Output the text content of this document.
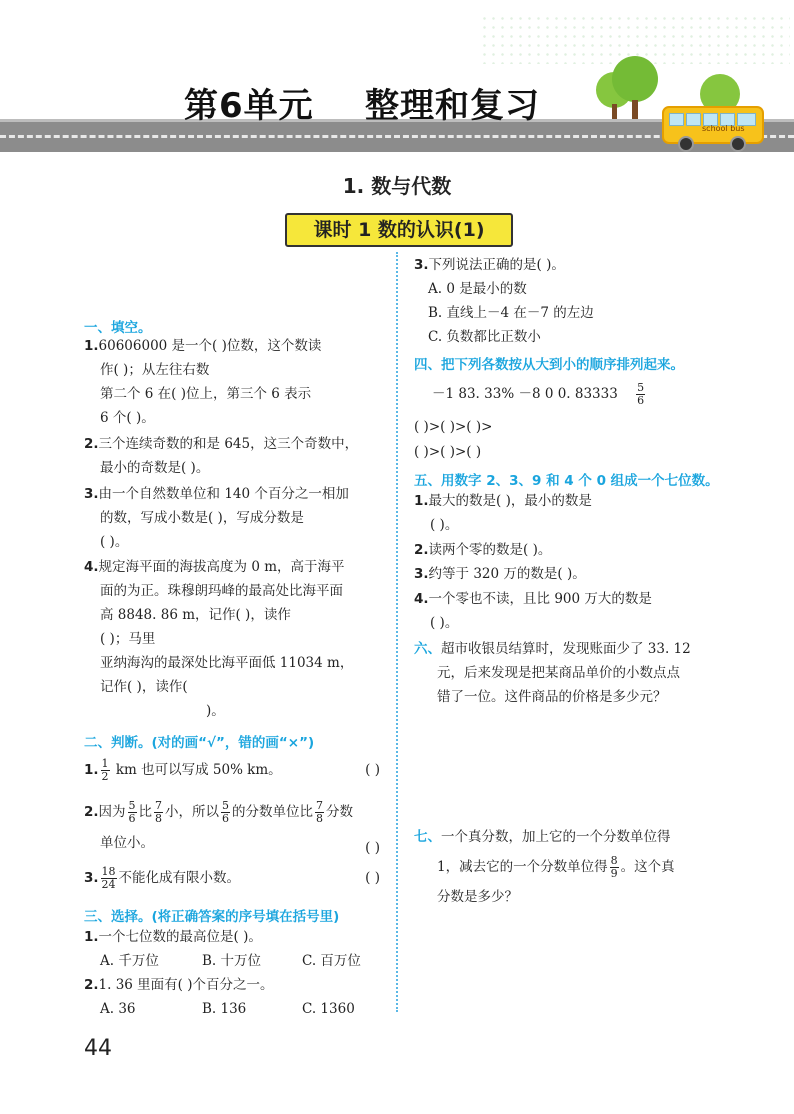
school bus
第6单元    整理和复习
1. 数与代数
课时 1 数的认识(1)
一、填空。
1.60606000 是一个( )位数，这个数读
作( )；从左往右数
第二个 6 在( )位上，第三个 6 表示
6 个( )。
2.三个连续奇数的和是 645，这三个奇数中，
最小的奇数是( )。
3.由一个自然数单位和 140 个百分之一相加
的数，写成小数是( )，写成分数是
( )。
4.规定海平面的海拔高度为 0 m，高于海平
面的为正。珠穆朗玛峰的最高处比海平面
高 8848. 86 m，记作( )，读作
( )；马里
亚纳海沟的最深处比海平面低 11034 m，
记作( )，读作(
)。
二、判断。(对的画“√”，错的画“×”)
1. $\frac{1}{2}$ km 也可以写成 50% km。	( )
2.因为 $\frac{5}{6}$ 比 $\frac{7}{8}$ 小，所以 $\frac{5}{6}$ 的分数单位比 $\frac{7}{8}$ 分数
单位小。	( )
3. $\frac{18}{24}$ 不能化成有限小数。	( )
三、选择。(将正确答案的序号填在括号里)
1.一个七位数的最高位是( )。
A. 千万位	B. 十万位	C. 百万位
2.1. 36 里面有( )个百分之一。
A. 36	B. 136	C. 1360
3.下列说法正确的是( )。
A. 0 是最小的数
B. 直线上－4 在－7 的左边
C. 负数都比正数小
四、把下列各数按从大到小的顺序排列起来。
－1 83. 33% －8 0 0. $83333 \frac{5}{6}$
( )>( )>( )>
( )>( )>( )
五、用数字 2、3、9 和 4 个 0 组成一个七位数。
1.最大的数是( )，最小的数是
( )。
2.读两个零的数是( )。
3.约等于 320 万的数是( )。
4.一个零也不读，且比 900 万大的数是
( )。
六、超市收银员结算时，发现账面少了 33. 12
元，后来发现是把某商品单价的小数点点
错了一位。这件商品的价格是多少元？
七、一个真分数，加上它的一个分数单位得
1，减去它的一个分数单位得 $\frac{8}{9}$ 。这个真
分数是多少？
44
